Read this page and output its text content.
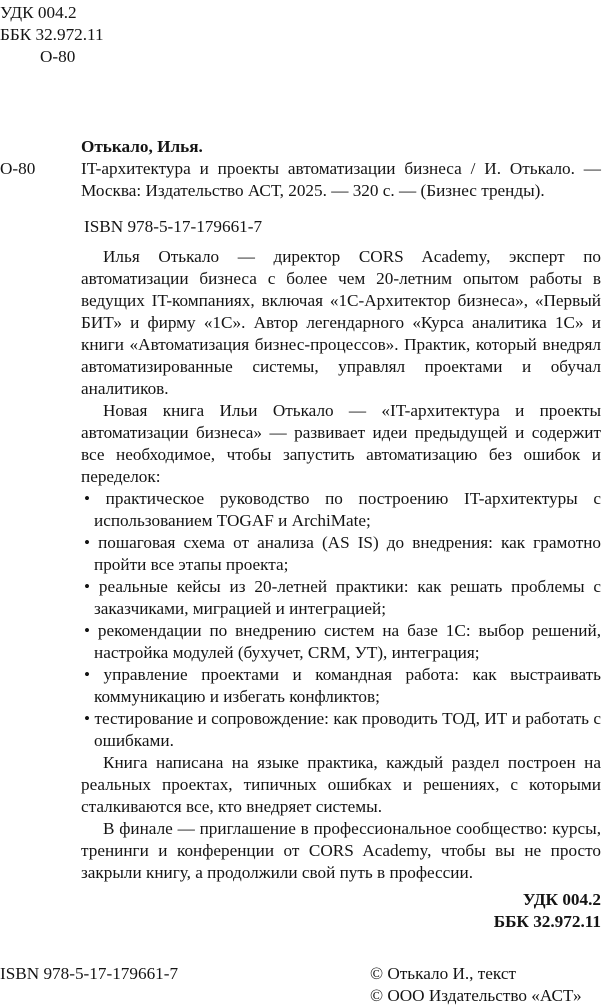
УДК 004.2
ББК 32.972.11
О-80
О-80
Отькало, Илья.
IT-архитектура и проекты автоматизации бизнеса / И. Отькало. — Москва: Издательство АСТ, 2025. — 320 с. — (Бизнес тренды).
ISBN 978-5-17-179661-7
Илья Отькало — директор CORS Academy, эксперт по автоматизации бизнеса с более чем 20-летним опытом работы в ведущих IT-компаниях, включая «1С-Архитектор бизнеса», «Первый БИТ» и фирму «1С». Автор легендарного «Курса аналитика 1С» и книги «Автоматизация бизнес-процессов». Практик, который внедрял автоматизированные системы, управлял проектами и обучал аналитиков.
Новая книга Ильи Отькало — «IT-архитектура и проекты автоматизации бизнеса» — развивает идеи предыдущей и содержит все необходимое, чтобы запустить автоматизацию без ошибок и переделок:
• практическое руководство по построению IT-архитектуры с использованием TOGAF и ArchiMate;
• пошаговая схема от анализа (AS IS) до внедрения: как грамотно пройти все этапы проекта;
• реальные кейсы из 20-летней практики: как решать проблемы с заказчиками, миграцией и интеграцией;
• рекомендации по внедрению систем на базе 1С: выбор решений, настройка модулей (бухучет, CRM, УТ), интеграция;
• управление проектами и командная работа: как выстраивать коммуникацию и избегать конфликтов;
• тестирование и сопровождение: как проводить ТОД, ИТ и работать с ошибками.
Книга написана на языке практика, каждый раздел построен на реальных проектах, типичных ошибках и решениях, с которыми сталкиваются все, кто внедряет системы.
В финале — приглашение в профессиональное сообщество: курсы, тренинги и конференции от CORS Academy, чтобы вы не просто закрыли книгу, а продолжили свой путь в профессии.
УДК 004.2
ББК 32.972.11
ISBN 978-5-17-179661-7	© Отькало И., текст
© ООО Издательство «АСТ»
